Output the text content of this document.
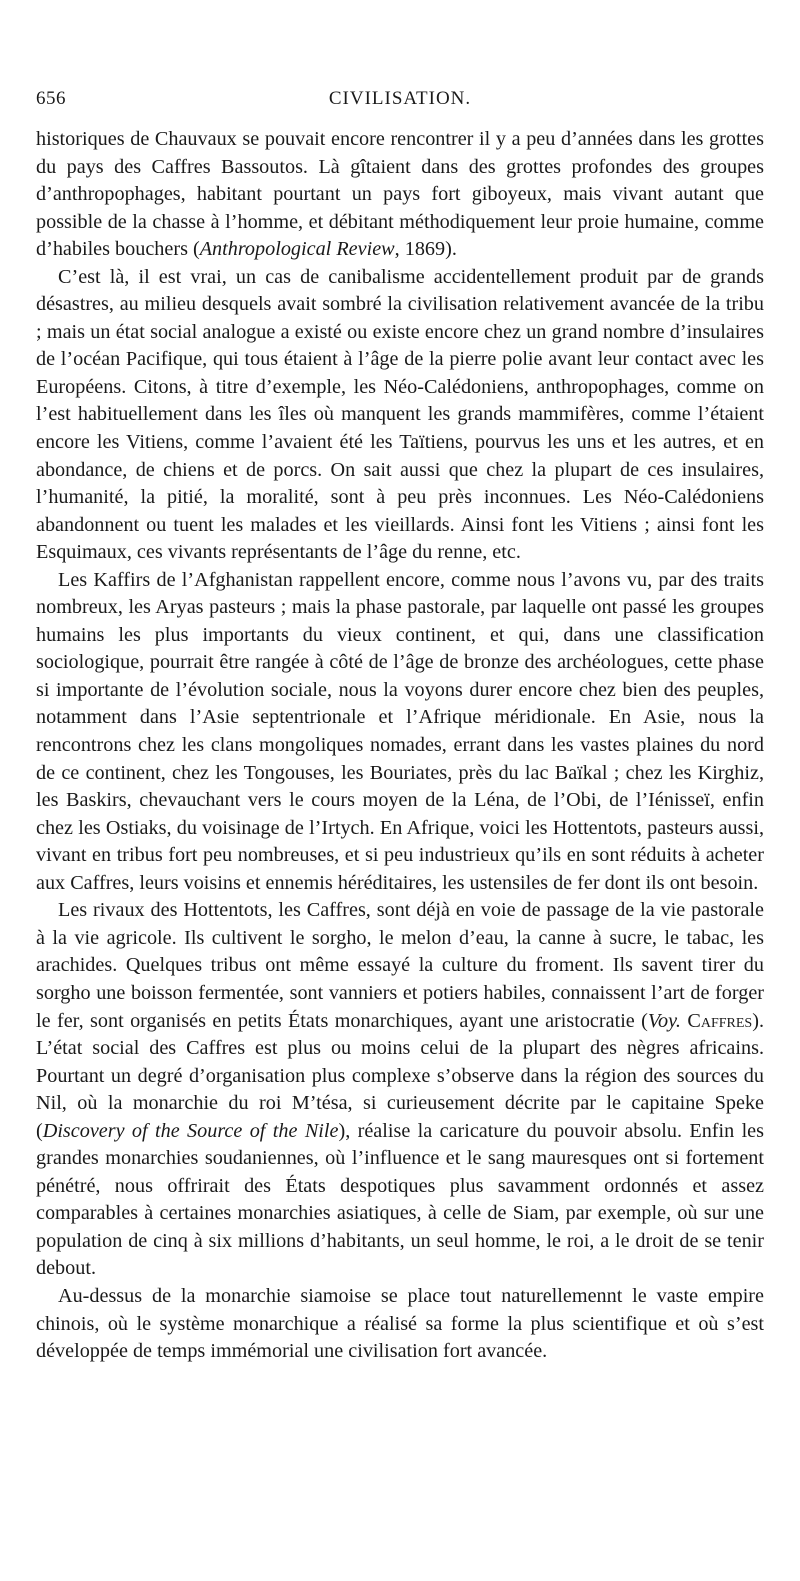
656	CIVILISATION.

historiques de Chauvaux se pouvait encore rencontrer il y a peu d’années dans les grottes du pays des Caffres Bassoutos. Là gîtaient dans des grottes profondes des groupes d’anthropophages, habitant pourtant un pays fort giboyeux, mais vivant autant que possible de la chasse à l’homme, et débitant méthodiquement leur proie humaine, comme d’habiles bouchers (Anthropological Review, 1869).

C’est là, il est vrai, un cas de canibalisme accidentellement produit par de grands désastres, au milieu desquels avait sombré la civilisation relativement avancée de la tribu ; mais un état social analogue a existé ou existe encore chez un grand nombre d’insulaires de l’océan Pacifique, qui tous étaient à l’âge de la pierre polie avant leur contact avec les Européens. Citons, à titre d’exemple, les Néo-Calédoniens, anthropophages, comme on l’est habituellement dans les îles où manquent les grands mammifères, comme l’étaient encore les Vitiens, comme l’avaient été les Taïtiens, pourvus les uns et les autres, et en abondance, de chiens et de porcs. On sait aussi que chez la plupart de ces insulaires, l’humanité, la pitié, la moralité, sont à peu près inconnues. Les Néo-Calédoniens abandonnent ou tuent les malades et les vieillards. Ainsi font les Vitiens ; ainsi font les Esquimaux, ces vivants représentants de l’âge du renne, etc.

Les Kaffirs de l’Afghanistan rappellent encore, comme nous l’avons vu, par des traits nombreux, les Aryas pasteurs ; mais la phase pastorale, par laquelle ont passé les groupes humains les plus importants du vieux continent, et qui, dans une classification sociologique, pourrait être rangée à côté de l’âge de bronze des archéologues, cette phase si importante de l’évolution sociale, nous la voyons durer encore chez bien des peuples, notamment dans l’Asie septentrionale et l’Afrique méridionale. En Asie, nous la rencontrons chez les clans mongoliques nomades, errant dans les vastes plaines du nord de ce continent, chez les Tongouses, les Bouriates, près du lac Baïkal ; chez les Kirghiz, les Baskirs, chevauchant vers le cours moyen de la Léna, de l’Obi, de l’Iénisseï, enfin chez les Ostiaks, du voisinage de l’Irtych. En Afrique, voici les Hottentots, pasteurs aussi, vivant en tribus fort peu nombreuses, et si peu industrieux qu’ils en sont réduits à acheter aux Caffres, leurs voisins et ennemis héréditaires, les ustensiles de fer dont ils ont besoin.

Les rivaux des Hottentots, les Caffres, sont déjà en voie de passage de la vie pastorale à la vie agricole. Ils cultivent le sorgho, le melon d’eau, la canne à sucre, le tabac, les arachides. Quelques tribus ont même essayé la culture du froment. Ils savent tirer du sorgho une boisson fermentée, sont vanniers et potiers habiles, connaissent l’art de forger le fer, sont organisés en petits États monarchiques, ayant une aristocratie (Voy. Caffres). L’état social des Caffres est plus ou moins celui de la plupart des nègres africains. Pourtant un degré d’organisation plus complexe s’observe dans la région des sources du Nil, où la monarchie du roi M’tésa, si curieusement décrite par le capitaine Speke (Discovery of the Source of the Nile), réalise la caricature du pouvoir absolu. Enfin les grandes monarchies soudaniennes, où l’influence et le sang mauresques ont si fortement pénétré, nous offrirait des États despotiques plus savamment ordonnés et assez comparables à certaines monarchies asiatiques, à celle de Siam, par exemple, où sur une population de cinq à six millions d’habitants, un seul homme, le roi, a le droit de se tenir debout.

Au-dessus de la monarchie siamoise se place tout naturellemennt le vaste empire chinois, où le système monarchique a réalisé sa forme la plus scientifique et où s’est développée de temps immémorial une civilisation fort avancée.
